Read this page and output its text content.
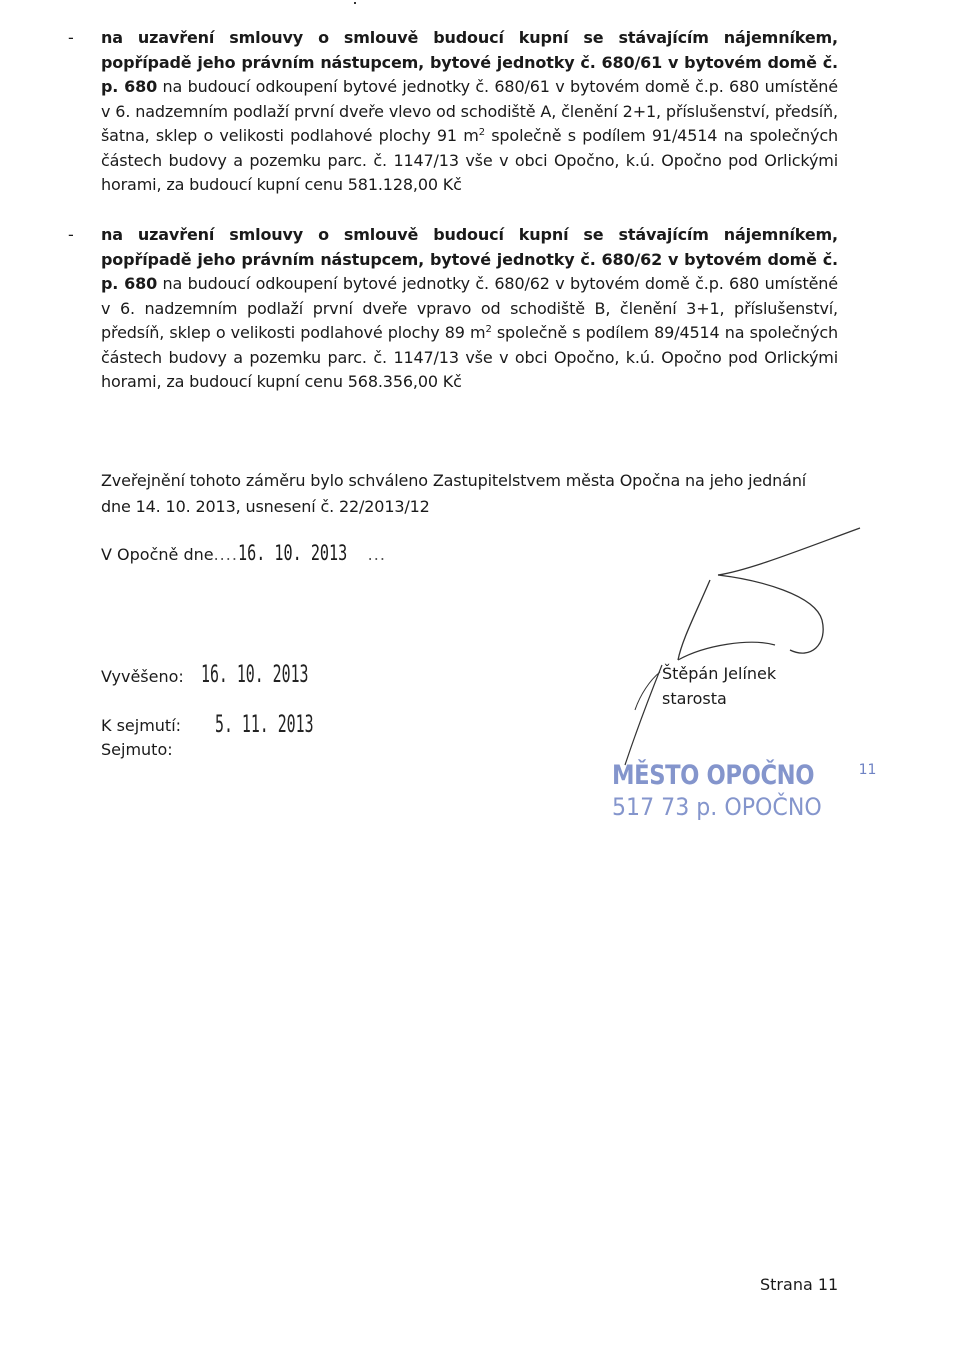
- na uzavření smlouvy o smlouvě budoucí kupní se stávajícím nájemníkem, popřípadě jeho právním nástupcem, bytové jednotky č. 680/61 v bytovém domě č. p. 680 na budoucí odkoupení bytové jednotky č. 680/61 v bytovém domě č.p. 680 umístěné v 6. nadzemním podlaží první dveře vlevo od schodiště A, členění 2+1, příslušenství, předsíň, šatna, sklep o velikosti podlahové plochy 91 $m^2$ společně s podílem 91/4514 na společných částech budovy a pozemku parc. č. 1147/13 vše v obci Opočno, k.ú. Opočno pod Orlickými horami, za budoucí kupní cenu 581.128,00 Kč
- na uzavření smlouvy o smlouvě budoucí kupní se stávajícím nájemníkem, popřípadě jeho právním nástupcem, bytové jednotky č. 680/62 v bytovém domě č. p. 680 na budoucí odkoupení bytové jednotky č. 680/62 v bytovém domě č.p. 680 umístěné v 6. nadzemním podlaží první dveře vpravo od schodiště B, členění 3+1, příslušenství, předsíň, sklep o velikosti podlahové plochy 89 $m^2$ společně s podílem 89/4514 na společných částech budovy a pozemku parc. č. 1147/13 vše v obci Opočno, k.ú. Opočno pod Orlickými horami, za budoucí kupní cenu 568.356,00 Kč
Zveřejnění tohoto záměru bylo schváleno Zastupitelstvem města Opočna na jeho jednání dne 14. 10. 2013, usnesení č. 22/2013/12
V Opočně dne....16. 10. 2013 ...
Vyvěšeno: 16. 10. 2013
K sejmutí: 5. 11. 2013
Sejmuto:
Štěpán Jelínek
starosta
MĚSTO OPOČNO	11
517 73 p. OPOČNO
Strana 11
